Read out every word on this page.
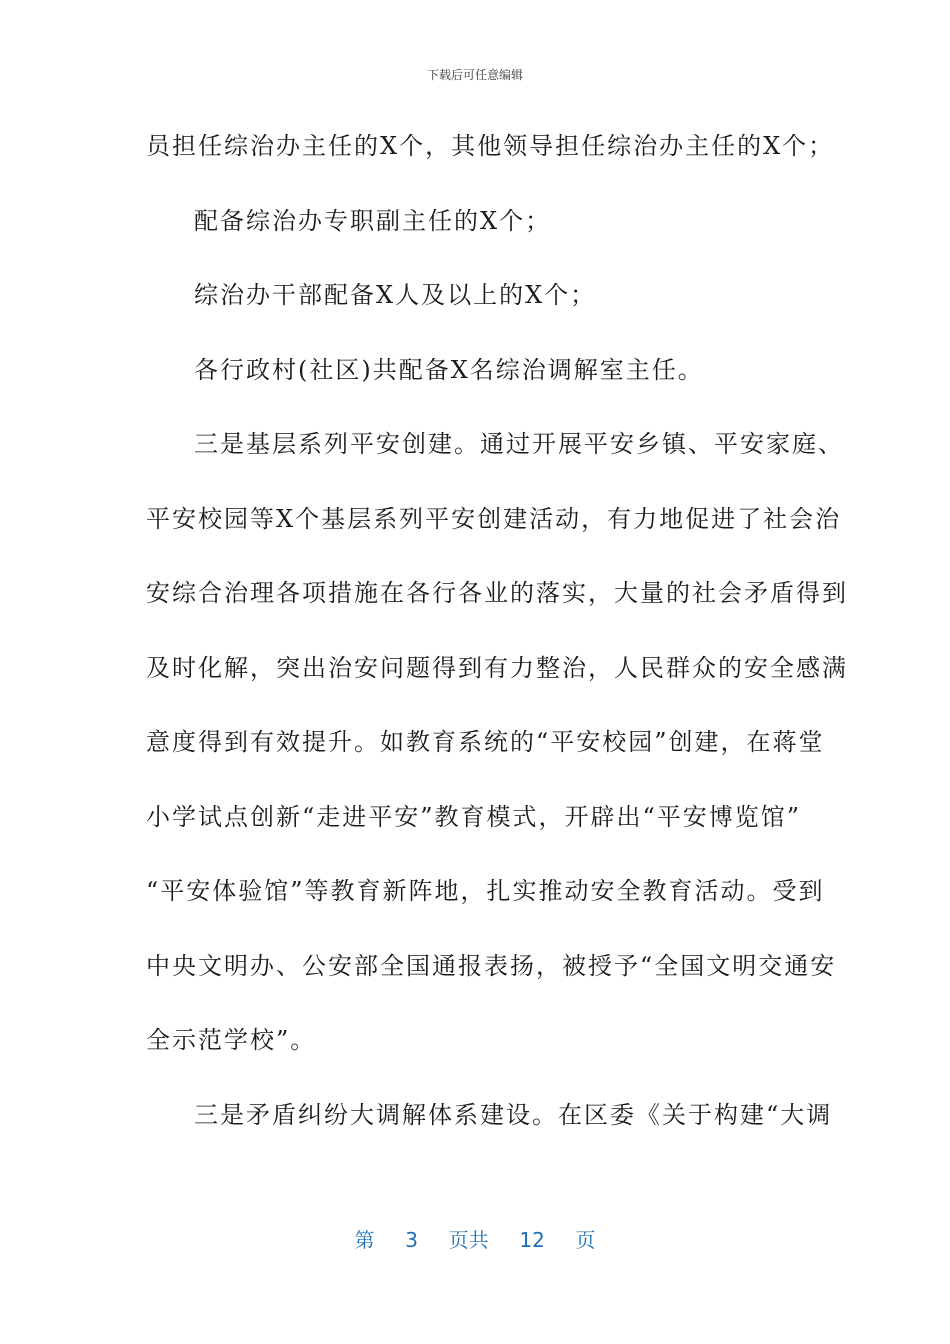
下载后可任意编辑
员担任综治办主任的X个，其他领导担任综治办主任的X个；
配备综治办专职副主任的X个；
综治办干部配备X人及以上的X个；
各行政村(社区)共配备X名综治调解室主任。
三是基层系列平安创建。通过开展平安乡镇、平安家庭、
平安校园等X个基层系列平安创建活动，有力地促进了社会治
安综合治理各项措施在各行各业的落实，大量的社会矛盾得到
及时化解，突出治安问题得到有力整治，人民群众的安全感满
意度得到有效提升。如教育系统的“平安校园”创建，在蒋堂
小学试点创新“走进平安”教育模式，开辟出“平安博览馆”
“平安体验馆”等教育新阵地，扎实推动安全教育活动。受到
中央文明办、公安部全国通报表扬，被授予“全国文明交通安
全示范学校”。
三是矛盾纠纷大调解体系建设。在区委《关于构建“大调
第 3 页共 12 页
